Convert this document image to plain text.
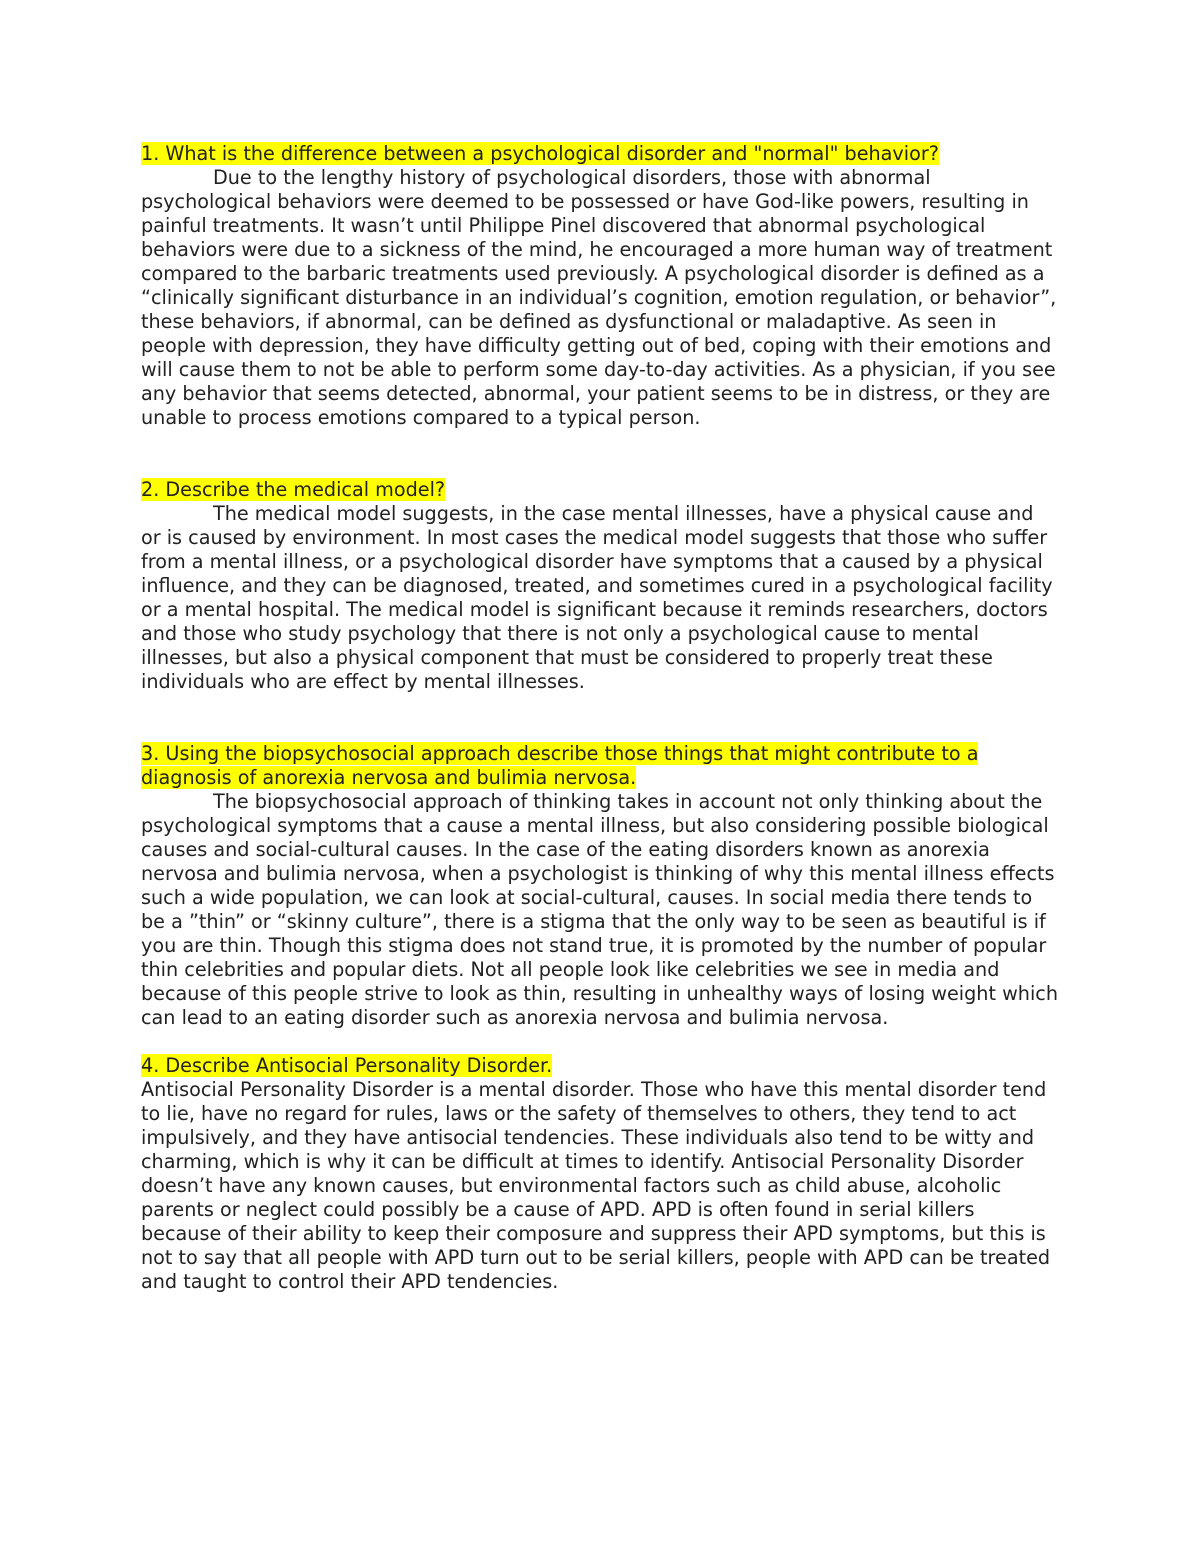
1. What is the difference between a psychological disorder and "normal" behavior?

Due to the lengthy history of psychological disorders, those with abnormal psychological behaviors were deemed to be possessed or have God-like powers, resulting in painful treatments. It wasn’t until Philippe Pinel discovered that abnormal psychological behaviors were due to a sickness of the mind, he encouraged a more human way of treatment compared to the barbaric treatments used previously. A psychological disorder is defined as a “clinically significant disturbance in an individual’s cognition, emotion regulation, or behavior”, these behaviors, if abnormal, can be defined as dysfunctional or maladaptive. As seen in people with depression, they have difficulty getting out of bed, coping with their emotions and will cause them to not be able to perform some day-to-day activities. As a physician, if you see any behavior that seems detected, abnormal, your patient seems to be in distress, or they are unable to process emotions compared to a typical person.

2. Describe the medical model?

The medical model suggests, in the case mental illnesses, have a physical cause and or is caused by environment. In most cases the medical model suggests that those who suffer from a mental illness, or a psychological disorder have symptoms that a caused by a physical influence, and they can be diagnosed, treated, and sometimes cured in a psychological facility or a mental hospital. The medical model is significant because it reminds researchers, doctors and those who study psychology that there is not only a psychological cause to mental illnesses, but also a physical component that must be considered to properly treat these individuals who are effect by mental illnesses.

3. Using the biopsychosocial approach describe those things that might contribute to a diagnosis of anorexia nervosa and bulimia nervosa.

The biopsychosocial approach of thinking takes in account not only thinking about the psychological symptoms that a cause a mental illness, but also considering possible biological causes and social-cultural causes. In the case of the eating disorders known as anorexia nervosa and bulimia nervosa, when a psychologist is thinking of why this mental illness effects such a wide population, we can look at social-cultural, causes. In social media there tends to be a ”thin” or “skinny culture”, there is a stigma that the only way to be seen as beautiful is if you are thin. Though this stigma does not stand true, it is promoted by the number of popular thin celebrities and popular diets. Not all people look like celebrities we see in media and because of this people strive to look as thin, resulting in unhealthy ways of losing weight which can lead to an eating disorder such as anorexia nervosa and bulimia nervosa.

4. Describe Antisocial Personality Disorder.

Antisocial Personality Disorder is a mental disorder. Those who have this mental disorder tend to lie, have no regard for rules, laws or the safety of themselves to others, they tend to act impulsively, and they have antisocial tendencies. These individuals also tend to be witty and charming, which is why it can be difficult at times to identify. Antisocial Personality Disorder doesn’t have any known causes, but environmental factors such as child abuse, alcoholic parents or neglect could possibly be a cause of APD. APD is often found in serial killers because of their ability to keep their composure and suppress their APD symptoms, but this is not to say that all people with APD turn out to be serial killers, people with APD can be treated and taught to control their APD tendencies.
